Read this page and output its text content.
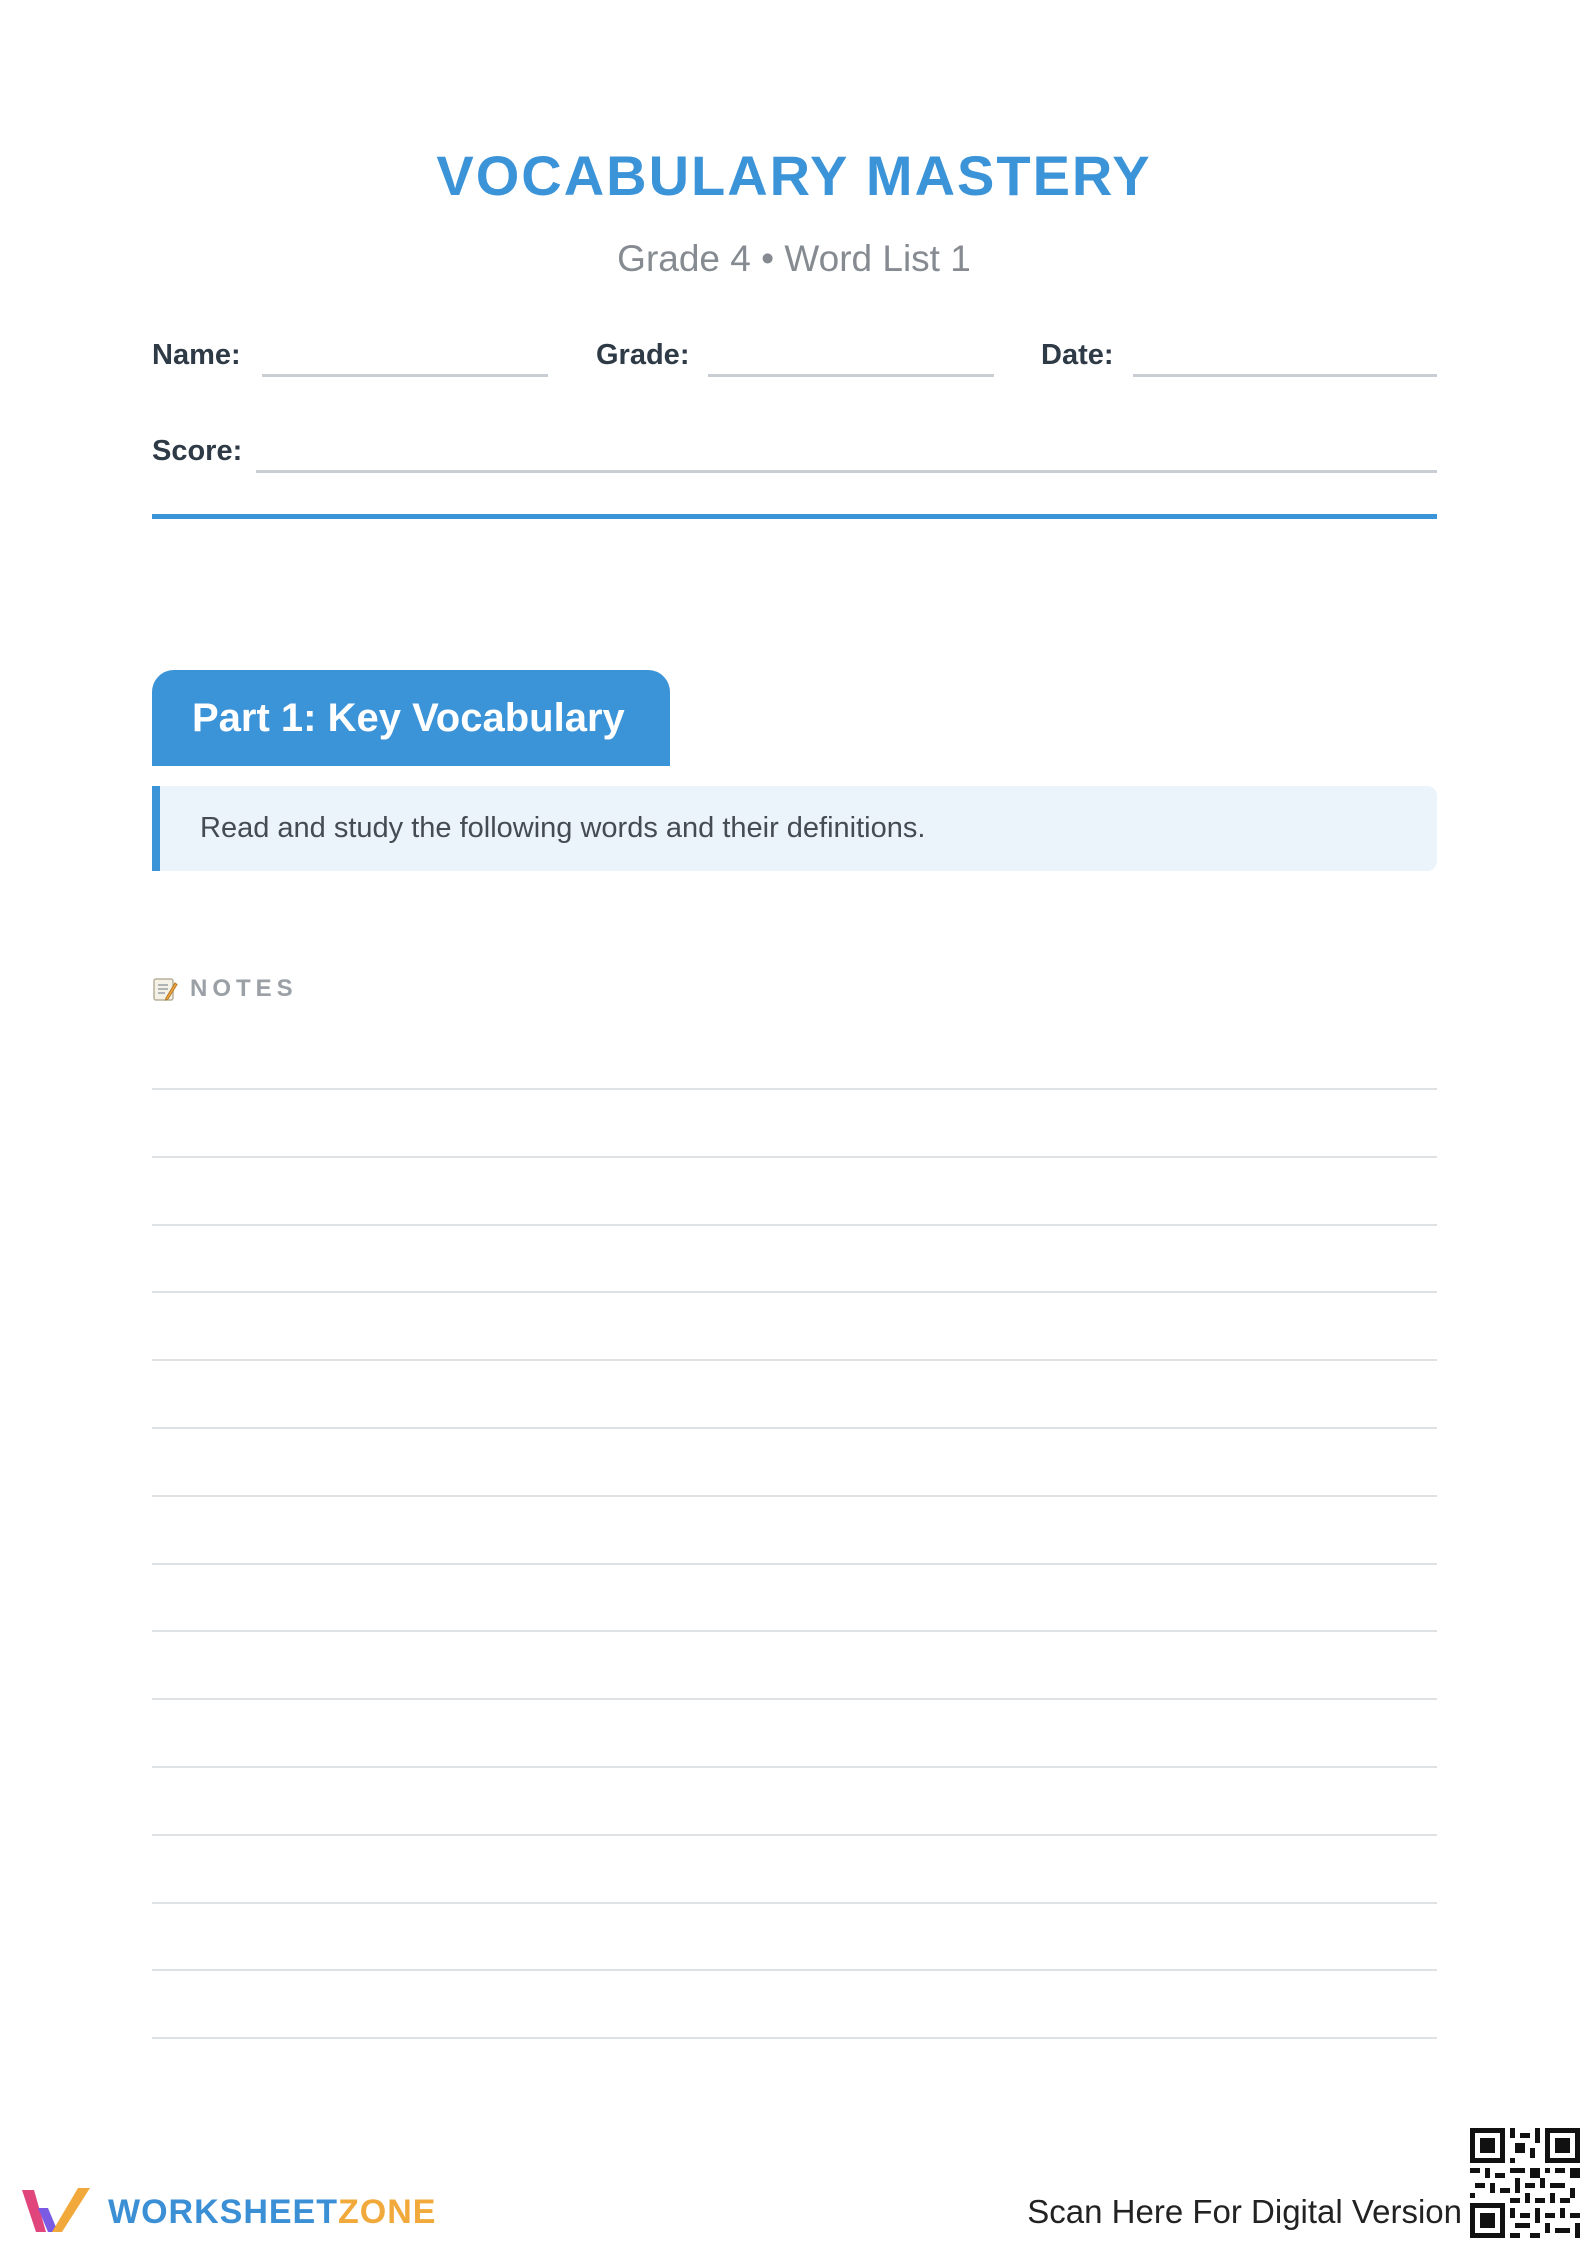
VOCABULARY MASTERY
Grade 4 • Word List 1
Name:	Grade:	Date:
Score:
Part 1: Key Vocabulary
Read and study the following words and their definitions.
NOTES
WORKSHEETZONE	Scan Here For Digital Version
